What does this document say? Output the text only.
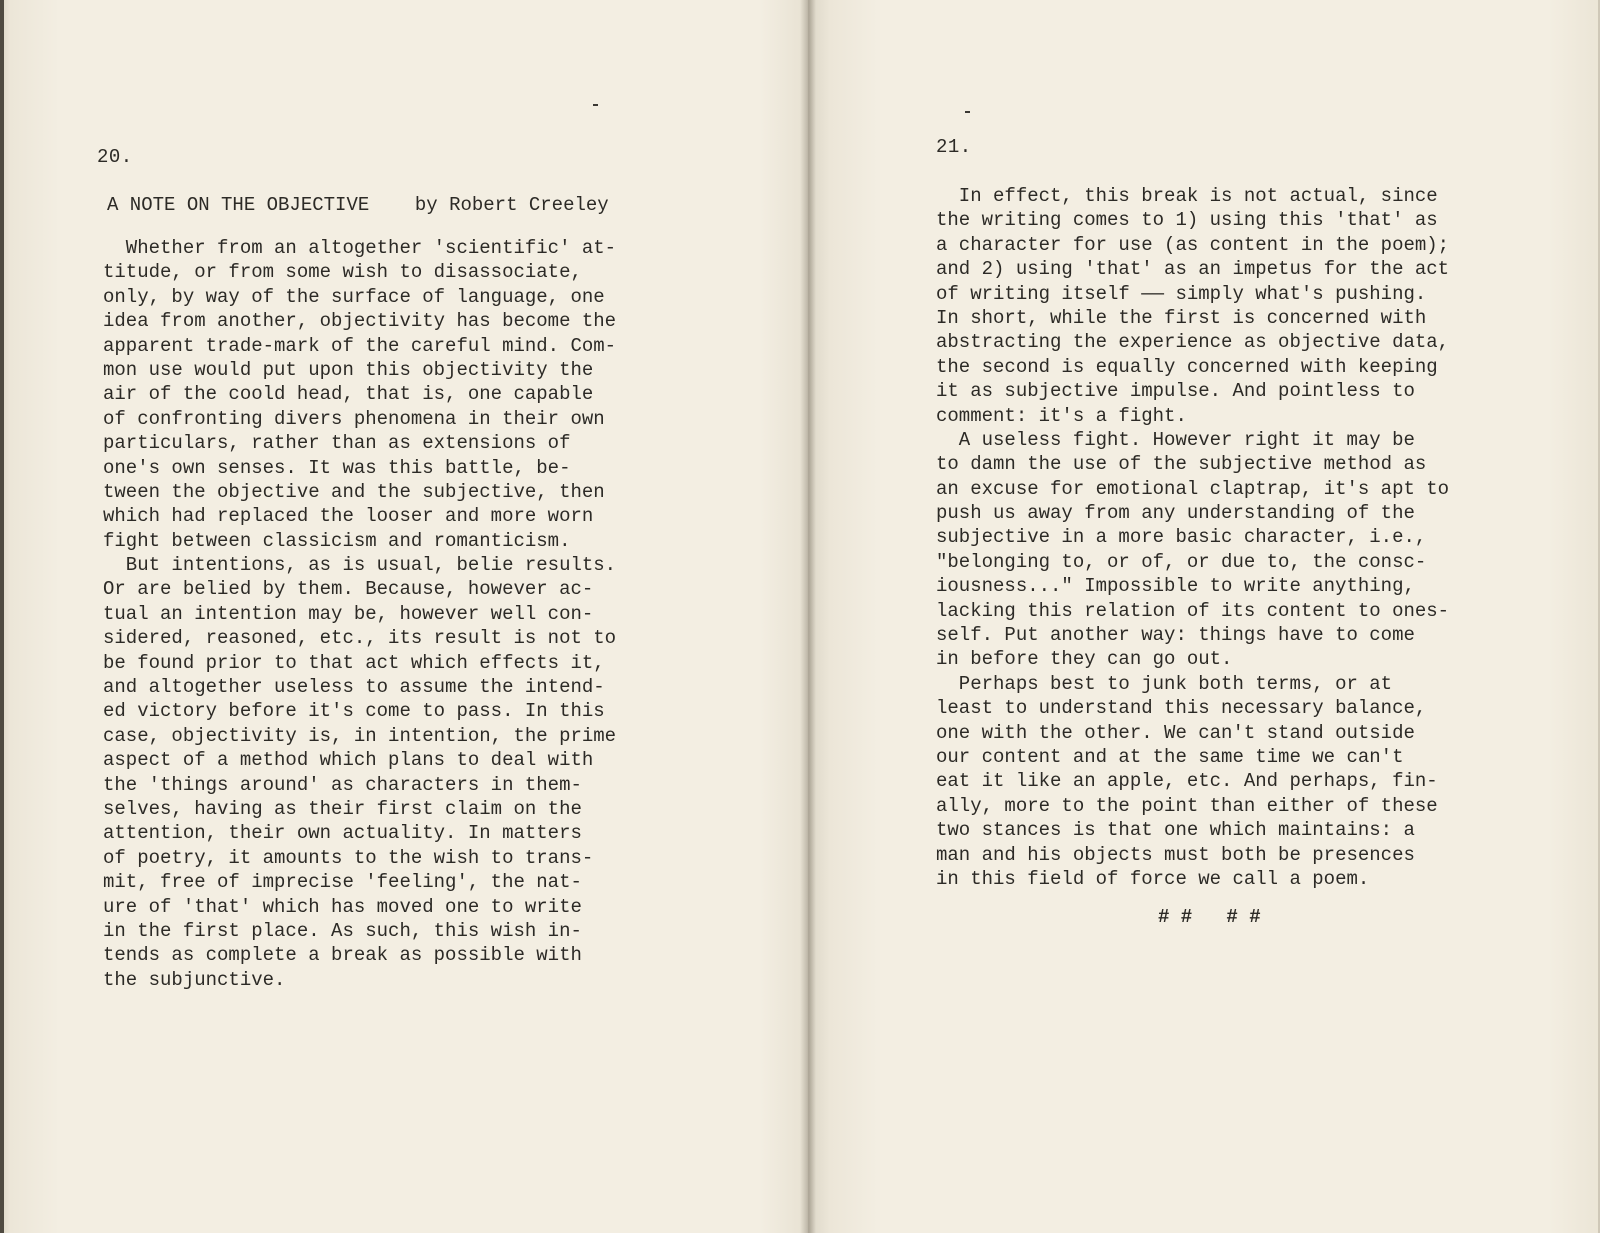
20.
A NOTE ON THE OBJECTIVE by Robert Creeley
Whether from an altogether 'scientific' at-
titude, or from some wish to disassociate,
only, by way of the surface of language, one
idea from another, objectivity has become the
apparent trade-mark of the careful mind. Com-
mon use would put upon this objectivity the
air of the coold head, that is, one capable
of confronting divers phenomena in their own
particulars, rather than as extensions of
one's own senses. It was this battle, be-
tween the objective and the subjective, then
which had replaced the looser and more worn
fight between classicism and romanticism.
But intentions, as is usual, belie results.
Or are belied by them. Because, however ac-
tual an intention may be, however well con-
sidered, reasoned, etc., its result is not to
be found prior to that act which effects it,
and altogether useless to assume the intend-
ed victory before it's come to pass. In this
case, objectivity is, in intention, the prime
aspect of a method which plans to deal with
the 'things around' as characters in them-
selves, having as their first claim on the
attention, their own actuality. In matters
of poetry, it amounts to the wish to trans-
mit, free of imprecise 'feeling', the nat-
ure of 'that' which has moved one to write
in the first place. As such, this wish in-
tends as complete a break as possible with
the subjunctive.
21.
In effect, this break is not actual, since
the writing comes to 1) using this 'that' as
a character for use (as content in the poem);
and 2) using 'that' as an impetus for the act
of writing itself —— simply what's pushing.
In short, while the first is concerned with
abstracting the experience as objective data,
the second is equally concerned with keeping
it as subjective impulse. And pointless to
comment: it's a fight.
A useless fight. However right it may be
to damn the use of the subjective method as
an excuse for emotional claptrap, it's apt to
push us away from any understanding of the
subjective in a more basic character, i.e.,
"belonging to, or of, or due to, the consc-
iousness..." Impossible to write anything,
lacking this relation of its content to ones-
self. Put another way: things have to come
in before they can go out.
Perhaps best to junk both terms, or at
least to understand this necessary balance,
one with the other. We can't stand outside
our content and at the same time we can't
eat it like an apple, etc. And perhaps, fin-
ally, more to the point than either of these
two stances is that one which maintains: a
man and his objects must both be presences
in this field of force we call a poem.
# #   # #
